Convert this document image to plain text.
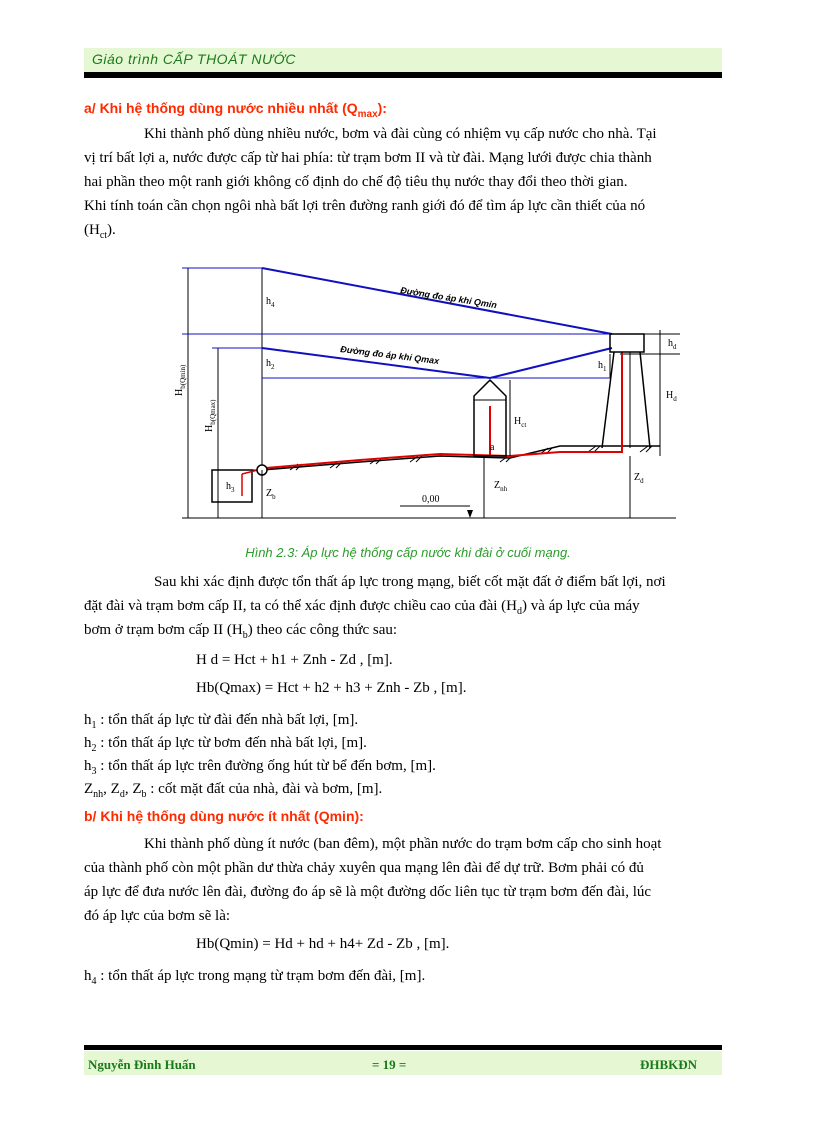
Giáo trình CẤP THOÁT NƯỚC
a/ Khi hệ thống dùng nước nhiều nhất $(Q_{max})$:
Khi thành phố dùng nhiều nước, bơm và đài cùng có nhiệm vụ cấp nước cho nhà. Tại
vị trí bất lợi a, nước được cấp từ hai phía: từ trạm bơm II và từ đài. Mạng lưới được chia thành
hai phần theo một ranh giới không cố định do chế độ tiêu thụ nước thay đổi theo thời gian.
Khi tính toán cần chọn ngôi nhà bất lợi trên đường ranh giới đó để tìm áp lực cần thiết của nó
$(H_{ct})$.
Đường đo áp khi Qmin
Đường đo áp khi Qmax
$h_4$
$h_2$	$h_1$
$h_d$
$H_d$
$H_{ct}$
a
$h_3$	$Z_b$
$Z_{nh}$
$Z_d$
0,00
$H_{b(Qmin)}$
$H_{b(Qmax)}$
Hình 2.3: Áp lực hệ thống cấp nước khi đài ở cuối mạng.
Sau khi xác định được tổn thất áp lực trong mạng, biết cốt mặt đất ở điểm bất lợi, nơi
đặt đài và trạm bơm cấp II, ta có thể xác định được chiều cao của đài $(H_d)$ và áp lực của máy
bơm ở trạm bơm cấp II $(H_b)$ theo các công thức sau:
H d = Hct + h1 + Znh - Zd , [m].
Hb(Qmax) = Hct + h2 + h3 + Znh - Zb , [m].
$h_1$ : tổn thất áp lực từ đài đến nhà bất lợi, [m].
$h_2$ : tổn thất áp lực từ bơm đến nhà bất lợi, [m].
$h_3$ : tổn thất áp lực trên đường ống hút từ bể đến bơm, [m].
$Z_{nh}$, $Z_d$, $Z_b$ : cốt mặt đất của nhà, đài và bơm, [m].
b/ Khi hệ thống dùng nước ít nhất (Qmin):
Khi thành phố dùng ít nước (ban đêm), một phần nước do trạm bơm cấp cho sinh hoạt
của thành phố còn một phần dư thừa chảy xuyên qua mạng lên đài để dự trữ. Bơm phải có đủ
áp lực để đưa nước lên đài, đường đo áp sẽ là một đường dốc liên tục từ trạm bơm đến đài, lúc
đó áp lực của bơm sẽ là:
Hb(Qmin) = Hd + hd + h4+ Zd - Zb , [m].
$h_4$ : tổn thất áp lực trong mạng từ trạm bơm đến đài, [m].
Nguyễn Đình Huấn	= 19 =	ĐHBKĐN
